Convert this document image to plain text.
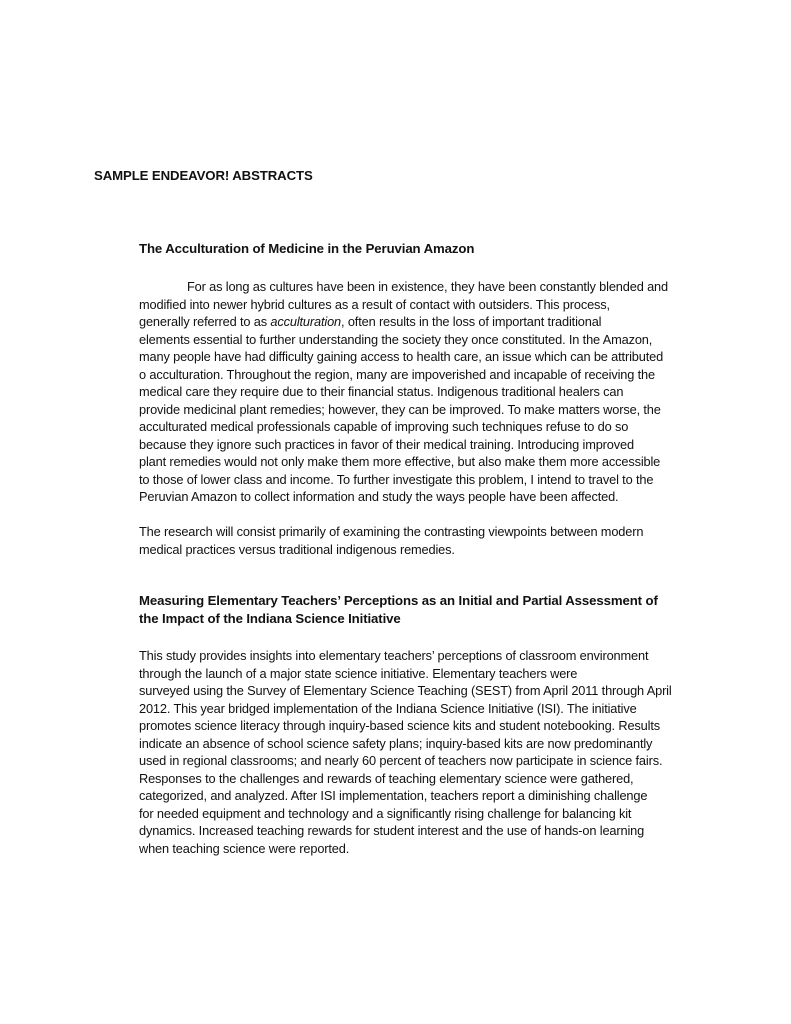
SAMPLE ENDEAVOR! ABSTRACTS
The Acculturation of Medicine in the Peruvian Amazon

For as long as cultures have been in existence, they have been constantly blended and
modified into newer hybrid cultures as a result of contact with outsiders. This process,
generally referred to as acculturation, often results in the loss of important traditional
elements essential to further understanding the society they once constituted. In the Amazon,
many people have had difficulty gaining access to health care, an issue which can be attributed
o acculturation. Throughout the region, many are impoverished and incapable of receiving the
medical care they require due to their financial status. Indigenous traditional healers can
provide medicinal plant remedies; however, they can be improved. To make matters worse, the
acculturated medical professionals capable of improving such techniques refuse to do so
because they ignore such practices in favor of their medical training. Introducing improved
plant remedies would not only make them more effective, but also make them more accessible
to those of lower class and income. To further investigate this problem, I intend to travel to the
Peruvian Amazon to collect information and study the ways people have been affected.

The research will consist primarily of examining the contrasting viewpoints between modern
medical practices versus traditional indigenous remedies.

Measuring Elementary Teachers’ Perceptions as an Initial and Partial Assessment of
the Impact of the Indiana Science Initiative

This study provides insights into elementary teachers’ perceptions of classroom environment
through the launch of a major state science initiative. Elementary teachers were
surveyed using the Survey of Elementary Science Teaching (SEST) from April 2011 through April
2012. This year bridged implementation of the Indiana Science Initiative (ISI). The initiative
promotes science literacy through inquiry-based science kits and student notebooking. Results
indicate an absence of school science safety plans; inquiry-based kits are now predominantly
used in regional classrooms; and nearly 60 percent of teachers now participate in science fairs.
Responses to the challenges and rewards of teaching elementary science were gathered,
categorized, and analyzed. After ISI implementation, teachers report a diminishing challenge
for needed equipment and technology and a significantly rising challenge for balancing kit
dynamics. Increased teaching rewards for student interest and the use of hands-on learning
when teaching science were reported.
